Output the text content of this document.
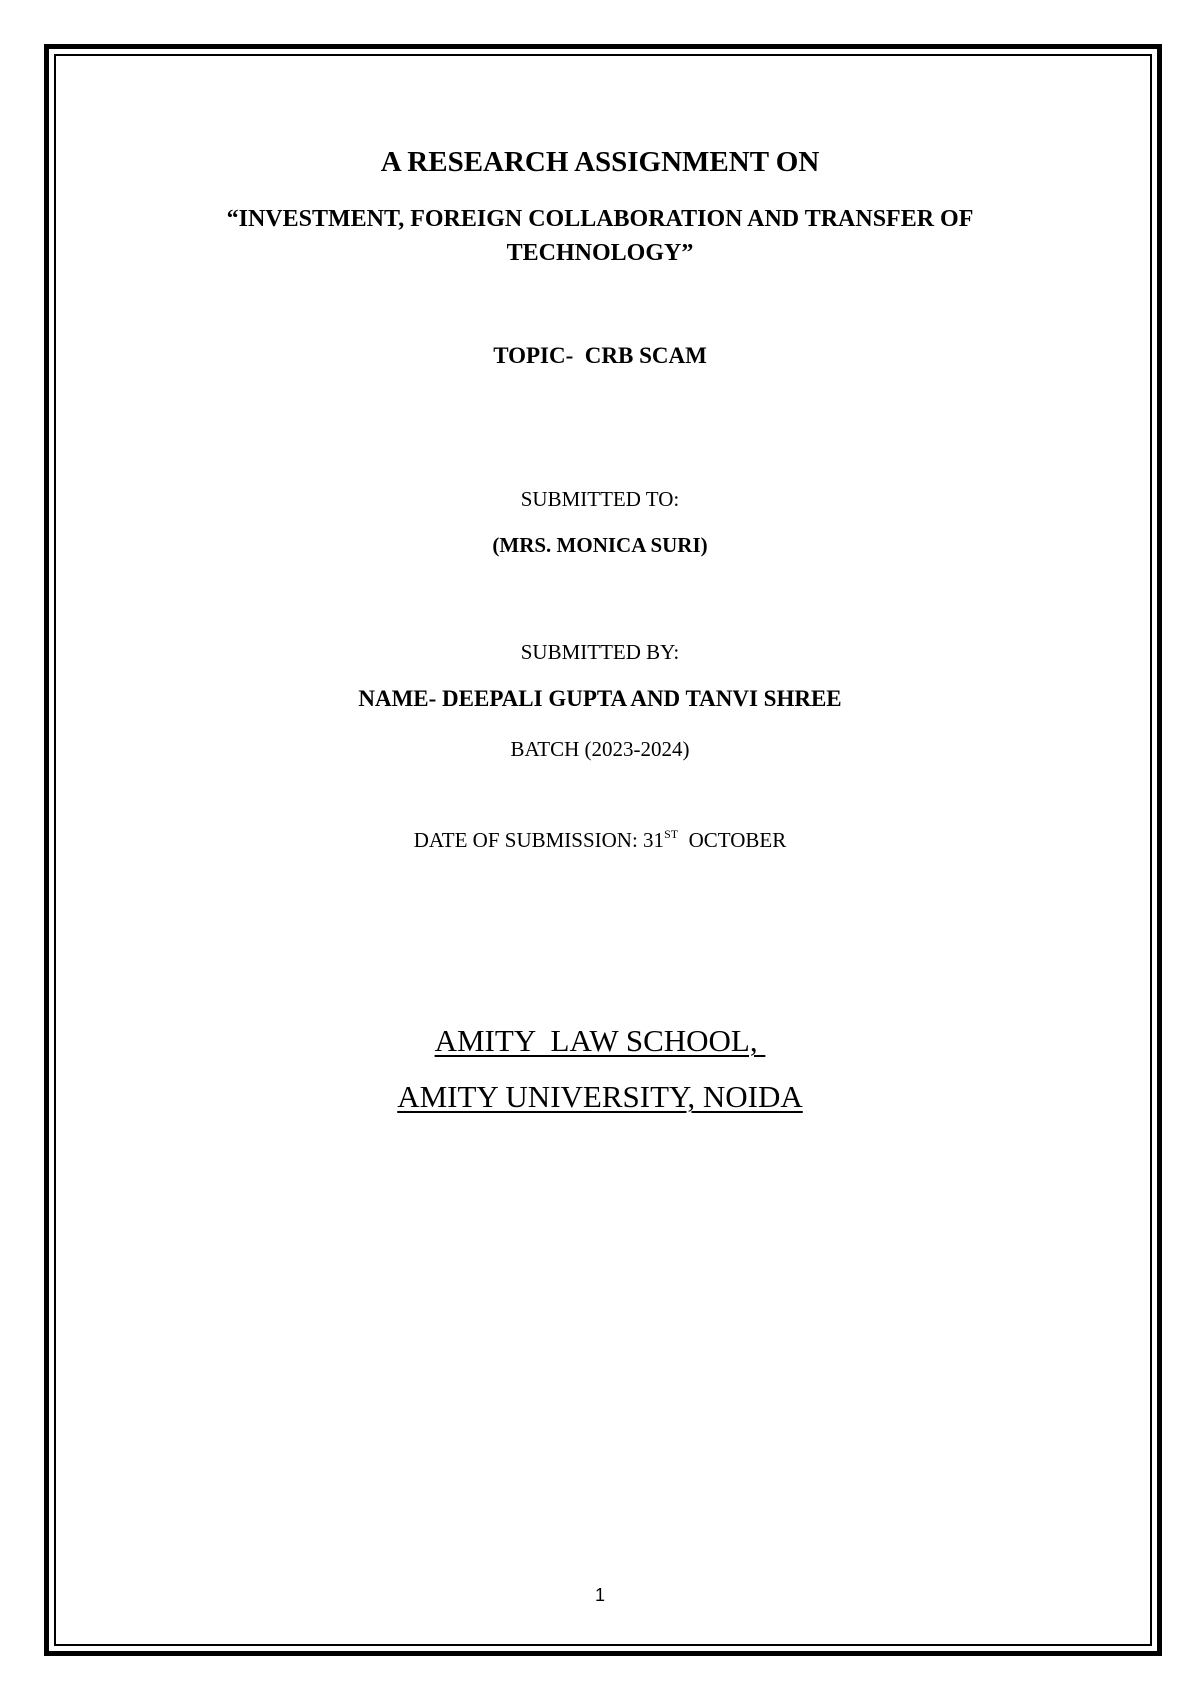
A RESEARCH ASSIGNMENT ON

“INVESTMENT, FOREIGN COLLABORATION AND TRANSFER OF

TECHNOLOGY”

TOPIC-  CRB SCAM

SUBMITTED TO:

(MRS. MONICA SURI)

SUBMITTED BY:

NAME- DEEPALI GUPTA AND TANVI SHREE

BATCH (2023-2024)

DATE OF SUBMISSION: 31ST  OCTOBER

AMITY  LAW SCHOOL,

AMITY UNIVERSITY, NOIDA

1
